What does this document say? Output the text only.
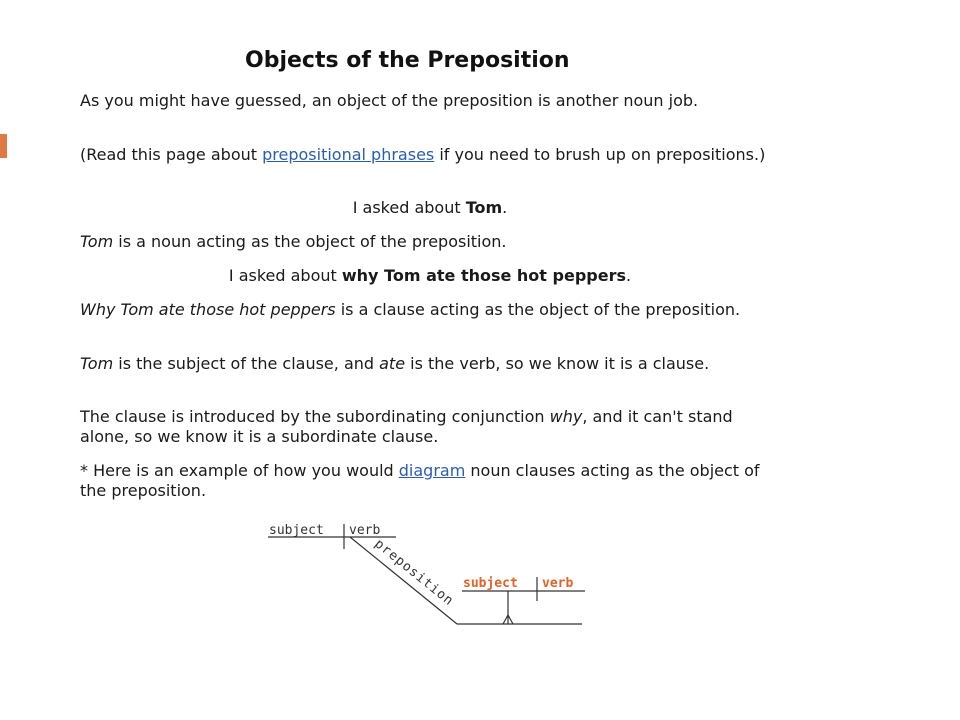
Objects of the Preposition

As you might have guessed, an object of the preposition is another noun job.

(Read this page about prepositional phrases if you need to brush up on prepositions.)

I asked about Tom.

Tom is a noun acting as the object of the preposition.

I asked about why Tom ate those hot peppers.

Why Tom ate those hot peppers is a clause acting as the object of the preposition.

Tom is the subject of the clause, and ate is the verb, so we know it is a clause.

The clause is introduced by the subordinating conjunction why, and it can't stand alone, so we know it is a subordinate clause.

* Here is an example of how you would diagram noun clauses acting as the object of the preposition.

subject verb
preposition subject verb
